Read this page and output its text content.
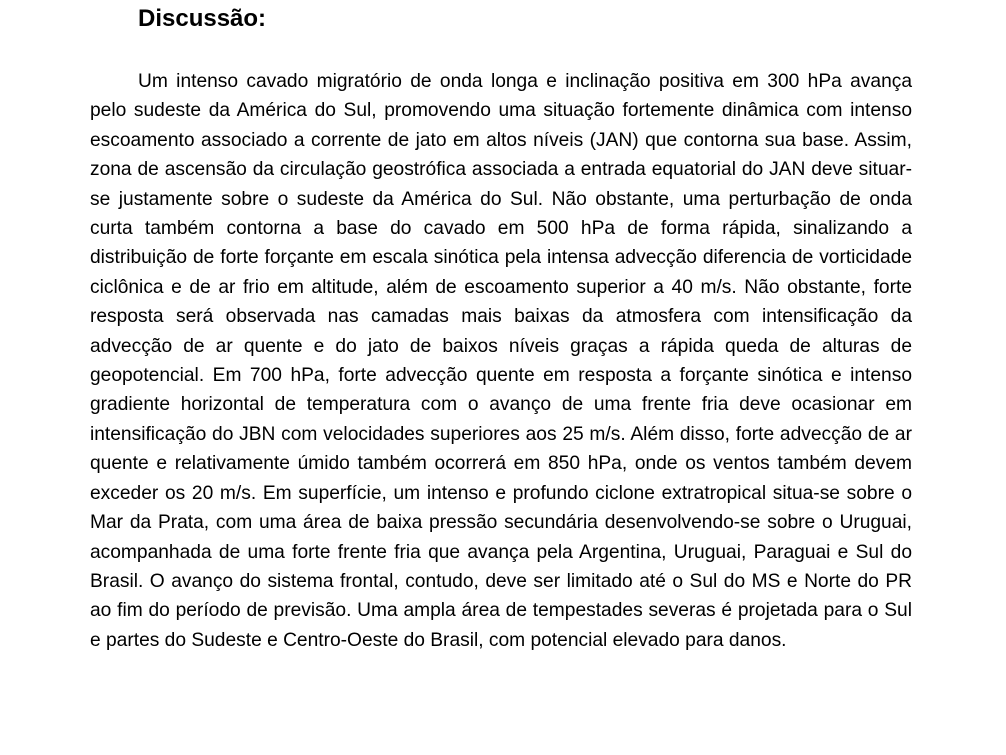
Discussão:

Um intenso cavado migratório de onda longa e inclinação positiva em 300 hPa avança pelo sudeste da América do Sul, promovendo uma situação fortemente dinâmica com intenso escoamento associado a corrente de jato em altos níveis (JAN) que contorna sua base. Assim, zona de ascensão da circulação geostrófica associada a entrada equatorial do JAN deve situar-se justamente sobre o sudeste da América do Sul. Não obstante, uma perturbação de onda curta também contorna a base do cavado em 500 hPa de forma rápida, sinalizando a distribuição de forte forçante em escala sinótica pela intensa advecção diferencia de vorticidade ciclônica e de ar frio em altitude, além de escoamento superior a 40 m/s. Não obstante, forte resposta será observada nas camadas mais baixas da atmosfera com intensificação da advecção de ar quente e do jato de baixos níveis graças a rápida queda de alturas de geopotencial. Em 700 hPa, forte advecção quente em resposta a forçante sinótica e intenso gradiente horizontal de temperatura com o avanço de uma frente fria deve ocasionar em intensificação do JBN com velocidades superiores aos 25 m/s. Além disso, forte advecção de ar quente e relativamente úmido também ocorrerá em 850 hPa, onde os ventos também devem exceder os 20 m/s. Em superfície, um intenso e profundo ciclone extratropical situa-se sobre o Mar da Prata, com uma área de baixa pressão secundária desenvolvendo-se sobre o Uruguai, acompanhada de uma forte frente fria que avança pela Argentina, Uruguai, Paraguai e Sul do Brasil. O avanço do sistema frontal, contudo, deve ser limitado até o Sul do MS e Norte do PR ao fim do período de previsão. Uma ampla área de tempestades severas é projetada para o Sul e partes do Sudeste e Centro-Oeste do Brasil, com potencial elevado para danos.
